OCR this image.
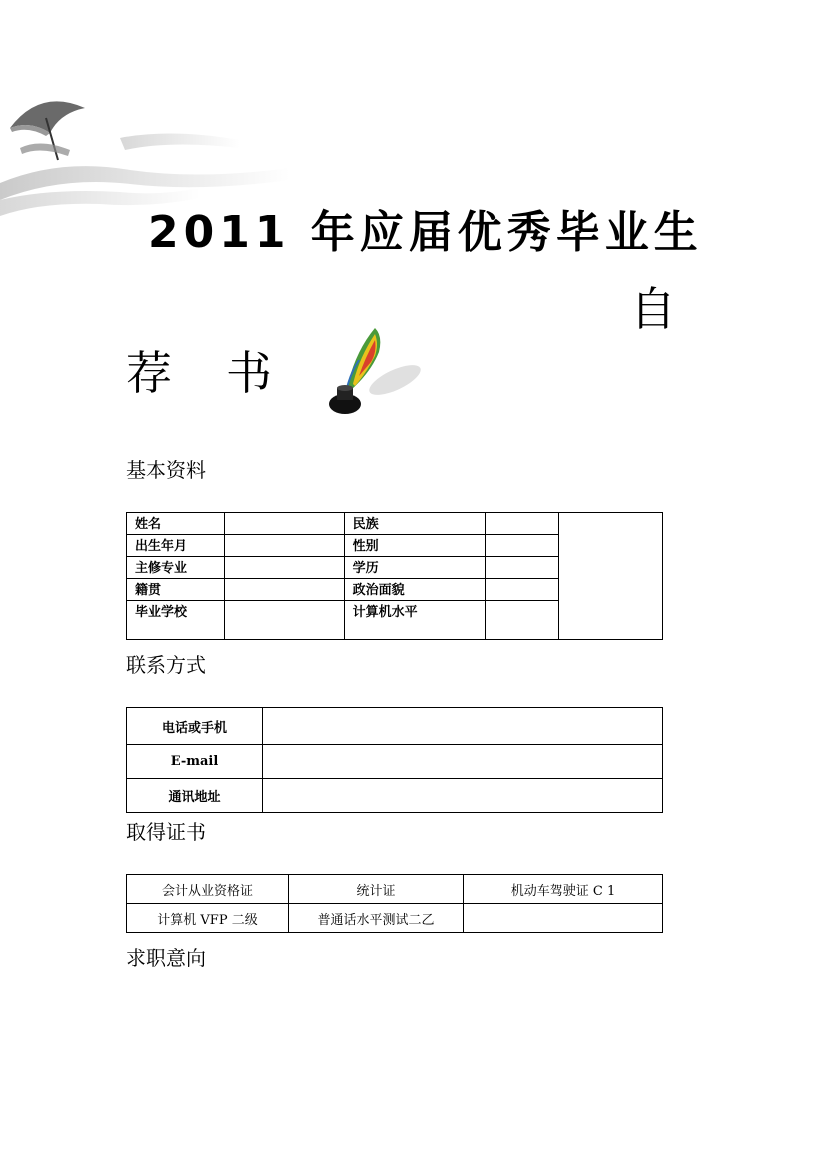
2011 年应届优秀毕业生
自
荐 书
基本资料
姓名		民族		
出生年月		性别		
主修专业		学历		
籍贯		政治面貌		
毕业学校		计算机水平		
联系方式
电话或手机	
E-mail	
通讯地址	
取得证书
会计从业资格证	统计证	机动车驾驶证 C 1
计算机 VFP 二级	普通话水平测试二乙	
求职意向
